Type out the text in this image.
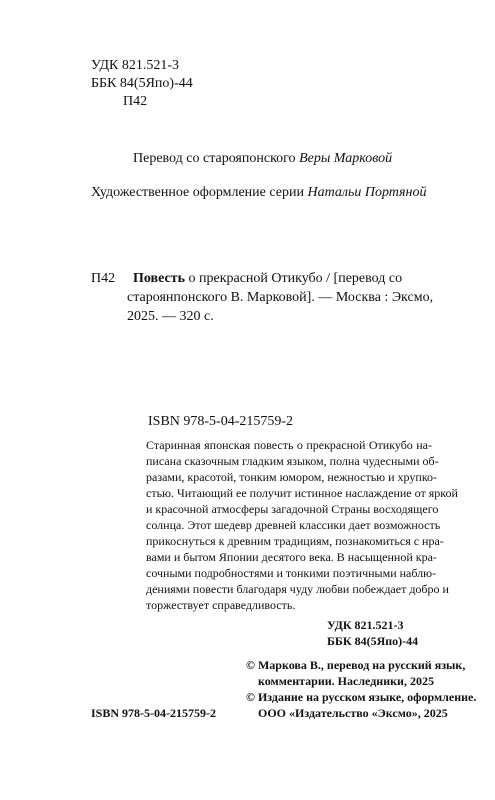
УДК 821.521-3
ББК 84(5Япо)-44
П42
Перевод со старояпонского Веры Марковой
Художественное оформление серии Натальи Портяной
П42 Повесть о прекрасной Отикубо / [перевод со
староянпонского В. Марковой]. — Москва : Эксмо,
2025. — 320 с.
ISBN 978-5-04-215759-2
Старинная японская повесть о прекрасной Отикубо на-
писана сказочным гладким языком, полна чудесными об-
разами, красотой, тонким юмором, нежностью и хрупко-
стью. Читающий ее получит истинное наслаждение от яркой
и красочной атмосферы загадочной Страны восходящего
солнца. Этот шедевр древней классики дает возможность
прикоснуться к древним традициям, познакомиться с нра-
вами и бытом Японии десятого века. В насыщенной кра-
сочными подробностями и тонкими поэтичными наблю-
дениями повести благодаря чуду любви побеждает добро и
торжествует справедливость.
УДК 821.521-3
ББК 84(5Япо)-44
© Маркова В., перевод на русский язык,
комментарии. Наследники, 2025
© Издание на русском языке, оформление.
ООО «Издательство «Эксмо», 2025
ISBN 978-5-04-215759-2
